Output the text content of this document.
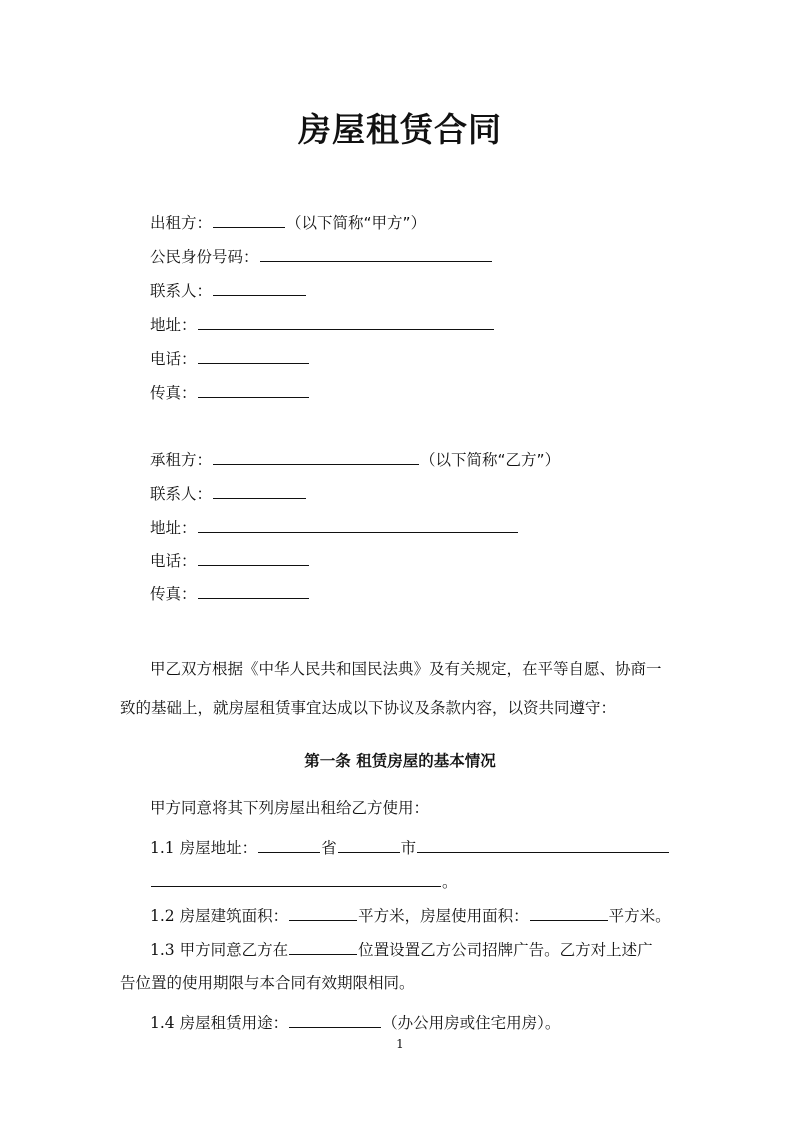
房屋租赁合同
出租方：	（以下简称“甲方”）
公民身份号码：
联系人：
地址：
电话：
传真：
承租方：	（以下简称“乙方”）
联系人：
地址：
电话：
传真：
甲乙双方根据《中华人民共和国民法典》及有关规定，在平等自愿、协商一
致的基础上，就房屋租赁事宜达成以下协议及条款内容，以资共同遵守：
第一条 租赁房屋的基本情况
甲方同意将其下列房屋出租给乙方使用：
1.1 房屋地址：	省	市
。
1.2 房屋建筑面积：	平方米，房屋使用面积：	平方米。
1.3 甲方同意乙方在	位置设置乙方公司招牌广告。乙方对上述广
告位置的使用期限与本合同有效期限相同。
1.4 房屋租赁用途：	（办公用房或住宅用房）。
1
